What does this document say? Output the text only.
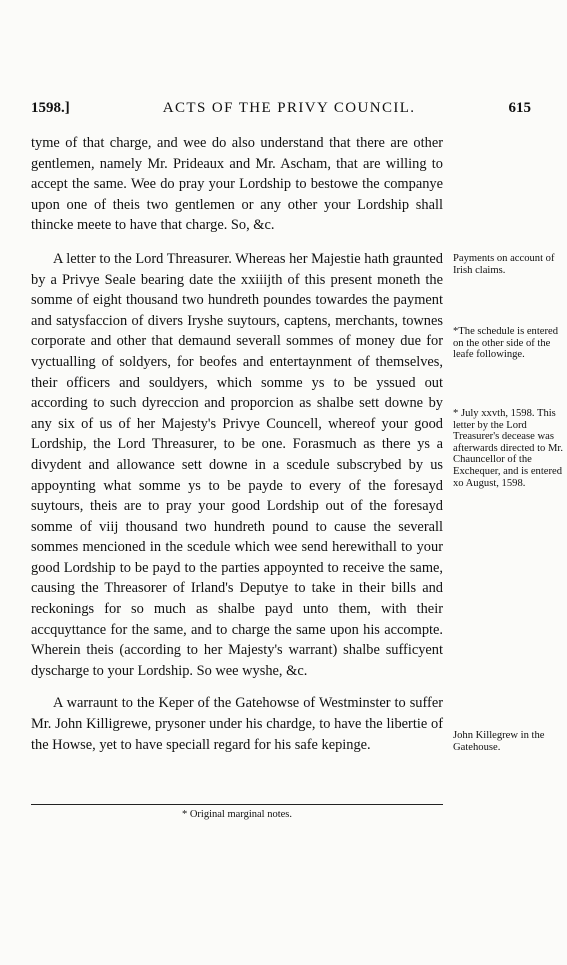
1598.]	ACTS OF THE PRIVY COUNCIL.	615

tyme of that charge, and wee do also understand that there are other gentlemen, namely Mr. Prideaux and Mr. Ascham, that are willing to accept the same. Wee do pray your Lordship to bestowe the companye upon one of theis two gentlemen or any other your Lordship shall thincke meete to have that charge. So, &c.

A letter to the Lord Threasurer. Whereas her Majestie hath graunted by a Privye Seale bearing date the xxiiijth of this present moneth the somme of eight thousand two hundreth poundes towardes the payment and satysfaccion of divers Iryshe suytours, captens, merchants, townes corporate and other that demaund severall sommes of money due for vyctualling of soldyers, for beofes and entertaynment of themselves, their officers and souldyers, which somme ys to be yssued out according to such dyreccion and proporcion as shalbe sett downe by any six of us of her Majesty's Privye Councell, whereof your good Lordship, the Lord Threasurer, to be one. Forasmuch as there ys a divydent and allowance sett downe in a scedule subscrybed by us appoynting what somme ys to be payde to every of the foresayd suytours, theis are to pray your good Lordship out of the foresayd somme of viij thousand two hundreth pound to cause the severall sommes mencioned in the scedule which wee send herewithall to your good Lordship to be payd to the parties appoynted to receive the same, causing the Threasorer of Irland's Deputye to take in their bills and reckonings for so much as shalbe payd unto them, with their accquyttance for the same, and to charge the same upon his accompte. Wherein theis (according to her Majesty's warrant) shalbe sufficyent dyscharge to your Lordship. So wee wyshe, &c.

A warraunt to the Keper of the Gatehowse of Westminster to suffer Mr. John Killigrewe, prysoner under his chardge, to have the libertie of the Howse, yet to have speciall regard for his safe kepinge.

Payments on account of Irish claims.
*The schedule is entered on the other side of the leafe followinge.
* July xxvth, 1598. This letter by the Lord Treasurer's decease was afterwards directed to Mr. Chauncellor of the Exchequer, and is entered xo August, 1598.
John Killegrew in the Gatehouse.
* Original marginal notes.
